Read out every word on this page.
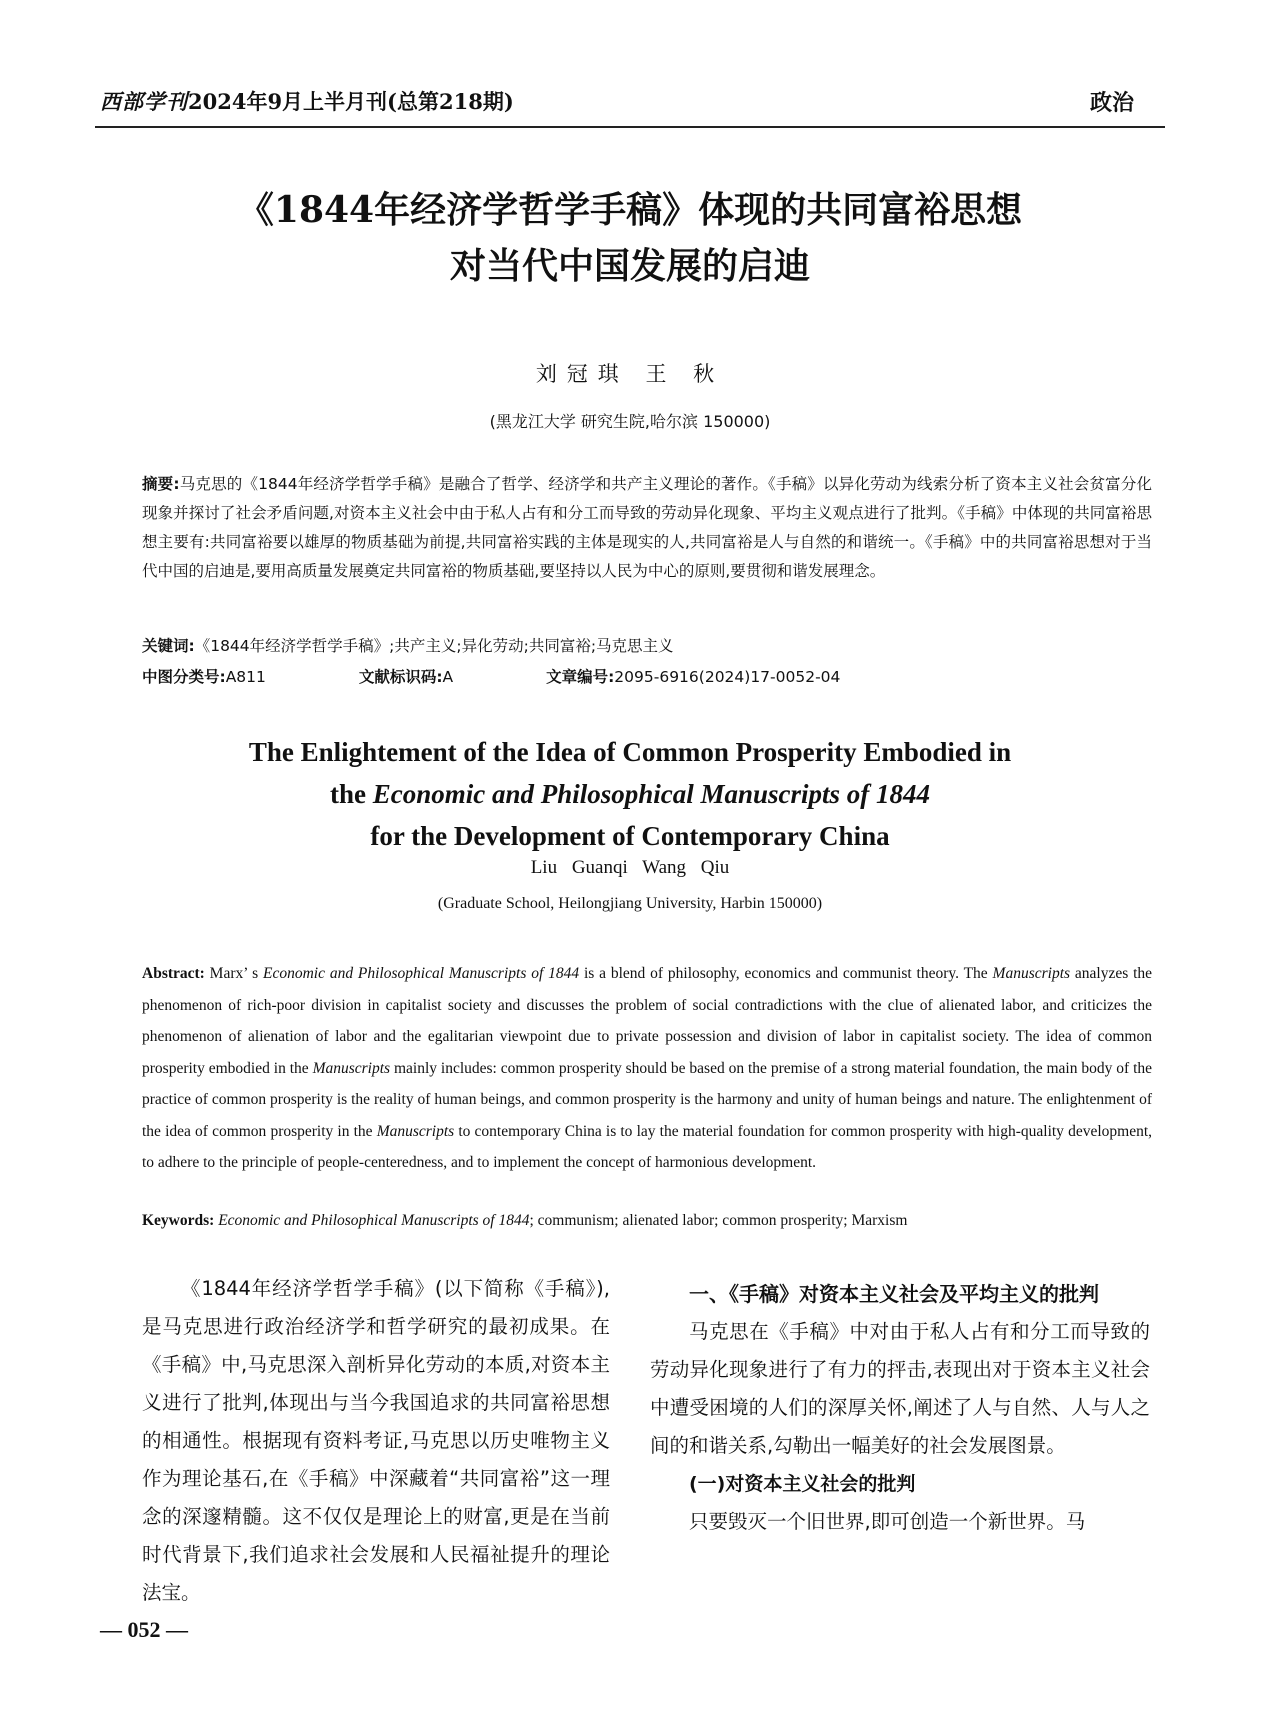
西部学刊2024年9月上半月刊(总第218期)	政治
《1844年经济学哲学手稿》体现的共同富裕思想
对当代中国发展的启迪
刘冠琪 王 秋
(黑龙江大学 研究生院,哈尔滨 150000)
摘要:马克思的《1844年经济学哲学手稿》是融合了哲学、经济学和共产主义理论的著作。《手稿》以异化劳动为线索分析了资本主义社会贫富分化现象并探讨了社会矛盾问题,对资本主义社会中由于私人占有和分工而导致的劳动异化现象、平均主义观点进行了批判。《手稿》中体现的共同富裕思想主要有:共同富裕要以雄厚的物质基础为前提,共同富裕实践的主体是现实的人,共同富裕是人与自然的和谐统一。《手稿》中的共同富裕思想对于当代中国的启迪是,要用高质量发展奠定共同富裕的物质基础,要坚持以人民为中心的原则,要贯彻和谐发展理念。
关键词:《1844年经济学哲学手稿》;共产主义;异化劳动;共同富裕;马克思主义
中图分类号:A811	文献标识码:A	文章编号:2095-6916(2024)17-0052-04
The Enlightement of the Idea of Common Prosperity Embodied in
the Economic and Philosophical Manuscripts of 1844
for the Development of Contemporary China
Liu Guanqi Wang Qiu
(Graduate School, Heilongjiang University, Harbin 150000)
Abstract: Marx’ s Economic and Philosophical Manuscripts of 1844 is a blend of philosophy, economics and communist theory. The Manuscripts analyzes the phenomenon of rich-poor division in capitalist society and discusses the problem of social contradictions with the clue of alienated labor, and criticizes the phenomenon of alienation of labor and the egalitarian viewpoint due to private possession and division of labor in capitalist society. The idea of common prosperity embodied in the Manuscripts mainly includes: common prosperity should be based on the premise of a strong material foundation, the main body of the practice of common prosperity is the reality of human beings, and common prosperity is the harmony and unity of human beings and nature. The enlightenment of the idea of common prosperity in the Manuscripts to contemporary China is to lay the material foundation for common prosperity with high-quality development, to adhere to the principle of people-centeredness, and to implement the concept of harmonious development.
Keywords: Economic and Philosophical Manuscripts of 1844; communism; alienated labor; common prosperity; Marxism
《1844年经济学哲学手稿》(以下简称《手稿》),是马克思进行政治经济学和哲学研究的最初成果。在《手稿》中,马克思深入剖析异化劳动的本质,对资本主义进行了批判,体现出与当今我国追求的共同富裕思想的相通性。根据现有资料考证,马克思以历史唯物主义作为理论基石,在《手稿》中深藏着“共同富裕”这一理念的深邃精髓。这不仅仅是理论上的财富,更是在当前时代背景下,我们追求社会发展和人民福祉提升的理论法宝。
一、《手稿》对资本主义社会及平均主义的批判
马克思在《手稿》中对由于私人占有和分工而导致的劳动异化现象进行了有力的抨击,表现出对于资本主义社会中遭受困境的人们的深厚关怀,阐述了人与自然、人与人之间的和谐关系,勾勒出一幅美好的社会发展图景。
(一)对资本主义社会的批判
只要毁灭一个旧世界,即可创造一个新世界。马
— 052 —
